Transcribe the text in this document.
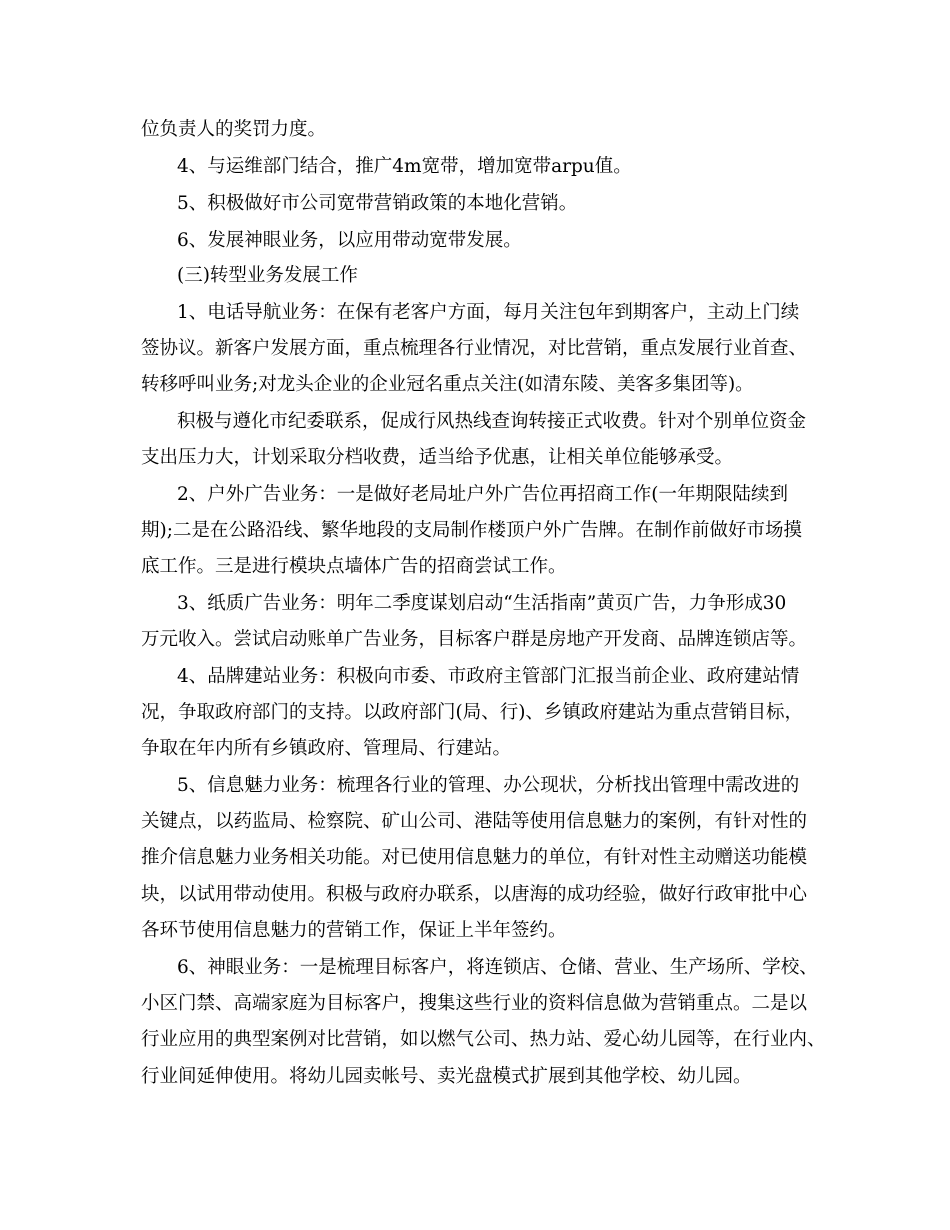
位负责人的奖罚力度。

4、与运维部门结合，推广4m宽带，增加宽带arpu值。

5、积极做好市公司宽带营销政策的本地化营销。

6、发展神眼业务，以应用带动宽带发展。

(三)转型业务发展工作

1、电话导航业务：在保有老客户方面，每月关注包年到期客户，主动上门续

签协议。新客户发展方面，重点梳理各行业情况，对比营销，重点发展行业首查、

转移呼叫业务;对龙头企业的企业冠名重点关注(如清东陵、美客多集团等)。

积极与遵化市纪委联系，促成行风热线查询转接正式收费。针对个别单位资金

支出压力大，计划采取分档收费，适当给予优惠，让相关单位能够承受。

2、户外广告业务：一是做好老局址户外广告位再招商工作(一年期限陆续到

期);二是在公路沿线、繁华地段的支局制作楼顶户外广告牌。在制作前做好市场摸

底工作。三是进行模块点墙体广告的招商尝试工作。

3、纸质广告业务：明年二季度谋划启动“生活指南”黄页广告，力争形成30

万元收入。尝试启动账单广告业务，目标客户群是房地产开发商、品牌连锁店等。

4、品牌建站业务：积极向市委、市政府主管部门汇报当前企业、政府建站情

况，争取政府部门的支持。以政府部门(局、行)、乡镇政府建站为重点营销目标，

争取在年内所有乡镇政府、管理局、行建站。

5、信息魅力业务：梳理各行业的管理、办公现状，分析找出管理中需改进的

关键点，以药监局、检察院、矿山公司、港陆等使用信息魅力的案例，有针对性的

推介信息魅力业务相关功能。对已使用信息魅力的单位，有针对性主动赠送功能模

块，以试用带动使用。积极与政府办联系，以唐海的成功经验，做好行政审批中心

各环节使用信息魅力的营销工作，保证上半年签约。

6、神眼业务：一是梳理目标客户，将连锁店、仓储、营业、生产场所、学校、

小区门禁、高端家庭为目标客户，搜集这些行业的资料信息做为营销重点。二是以

行业应用的典型案例对比营销，如以燃气公司、热力站、爱心幼儿园等，在行业内、

行业间延伸使用。将幼儿园卖帐号、卖光盘模式扩展到其他学校、幼儿园。
